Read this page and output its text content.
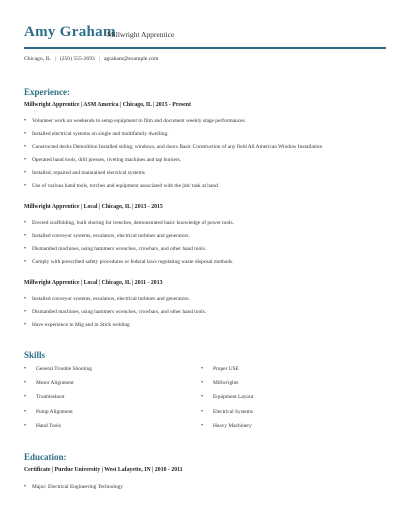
Amy Graham
Millwright Apprentice
Chicago, IL | (250) 555-2693 | agraham@example.com
Experience:
Millwright Apprentice | ASM America | Chicago, IL | 2015 - Present
• Volunteer work on weekends to setup equipment to film and document weekly stage performances.
• Installed electrical systems on single and multifamily dwelling.
• Constructed decks Demolition Installed siding, windows, and doors Basic Construction of any field All American Window Installation
• Operated hand tools, drill presses, riveting machines and tap burners.
• Installed, repaired and maintained electrical systems
• Use of various hand tools, torches and equipment associated with the job/ task at hand.
Millwright Apprentice | Local | Chicago, IL | 2013 - 2015
• Erected scaffolding, built shoring for trenches, demonstrated basic knowledge of power tools.
• Installed conveyor systems, escalators, electrical turbines and generators.
• Dismantled machines, using hammers wrenches, crowbars, and other hand tools.
• Comply with prescribed safety procedures or federal laws regulating waste disposal methods.
Millwright Apprentice | Local | Chicago, IL | 2011 - 2013
• Installed conveyor systems, escalators, electrical turbines and generators.
• Dismantled machines, using hammers wrenches, crowbars, and other hand tools.
• Have experience in Mig and in Stick welding
Skills
• General Trouble Shooting
• Motor Alignment
• Troubleshoot
• Pump Alignment
• Hand Tools
• Proper USE
• Millwrights
• Equipment Layout
• Electrical Systems
• Heavy Machinery
Education:
Certificate | Purdue University | West Lafayette, IN | 2010 - 2011
• Major: Electrical Engineering Technology
